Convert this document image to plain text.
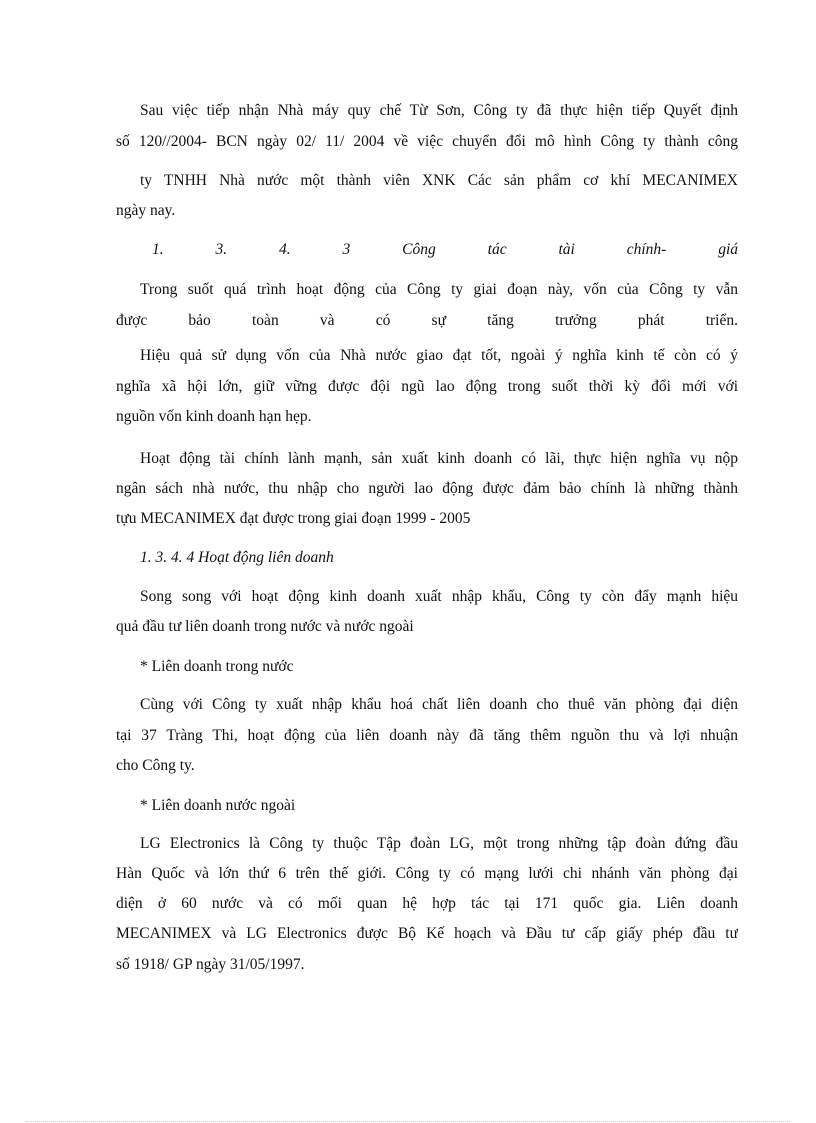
Sau việc tiếp nhận Nhà máy quy chế Từ Sơn, Công ty đã thực hiện tiếp Quyết định
số 120//2004- BCN ngày 02/ 11/ 2004 về việc chuyển đổi mô hình Công ty thành công
ty TNHH Nhà nước một thành viên XNK Các sản phẩm cơ khí MECANIMEX
ngày nay.
1. 3. 4. 3 Công tác tài chính- giá
Trong suốt quá trình hoạt động của Công ty giai đoạn này, vốn của Công ty vẫn
được bảo toàn và có sự tăng trưởng phát triển.
Hiệu quả sử dụng vốn của Nhà nước giao đạt tốt, ngoài ý nghĩa kinh tế còn có ý
nghĩa xã hội lớn, giữ vững được đội ngũ lao động trong suốt thời kỳ đổi mới với
nguồn vốn kinh doanh hạn hẹp.
Hoạt động tài chính lành mạnh, sản xuất kinh doanh có lãi, thực hiện nghĩa vụ nộp
ngân sách nhà nước, thu nhập cho người lao động được đảm bảo chính là những thành
tựu MECANIMEX đạt được trong giai đoạn 1999 - 2005
1. 3. 4. 4 Hoạt động liên doanh
Song song với hoạt động kinh doanh xuất nhập khẩu, Công ty còn đẩy mạnh hiệu
quả đầu tư liên doanh trong nước và nước ngoài
* Liên doanh trong nước
Cùng với Công ty xuất nhập khẩu hoá chất liên doanh cho thuê văn phòng đại diện
tại 37 Tràng Thi, hoạt động của liên doanh này đã tăng thêm nguồn thu và lợi nhuận
cho Công ty.
* Liên doanh nước ngoài
LG Electronics là Công ty thuộc Tập đoàn LG, một trong những tập đoàn đứng đầu
Hàn Quốc và lớn thứ 6 trên thế giới. Công ty có mạng lưới chi nhánh văn phòng đại
diện ở 60 nước và có mối quan hệ hợp tác tại 171 quốc gia. Liên doanh
MECANIMEX và LG Electronics được Bộ Kế hoạch và Đầu tư cấp giấy phép đầu tư
số 1918/ GP ngày 31/05/1997.
